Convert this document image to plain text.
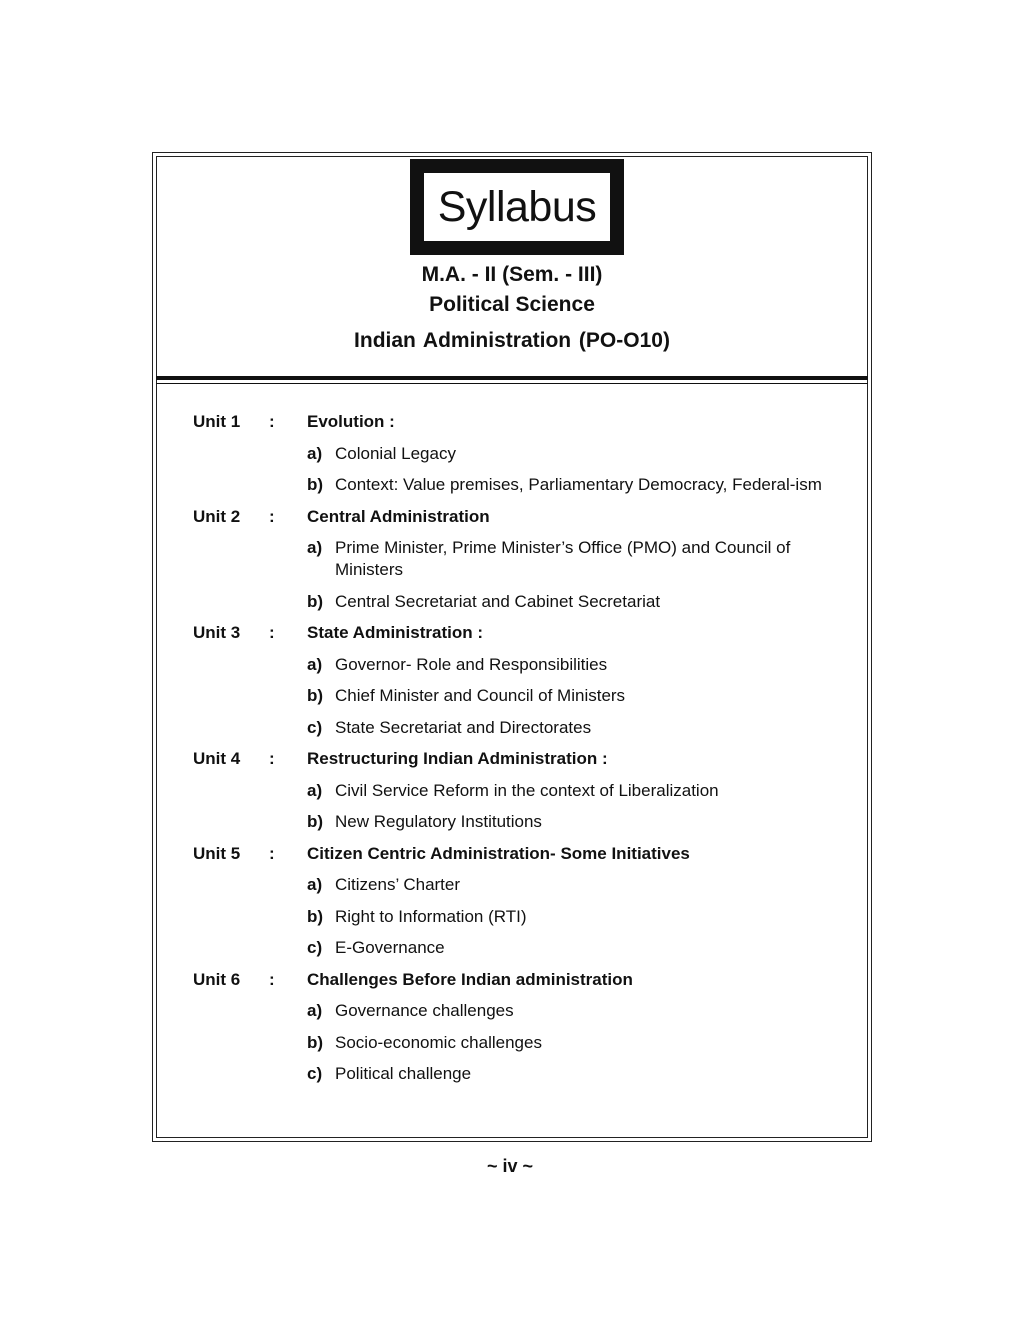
Syllabus
M.A. - II (Sem. - III)
Political Science
Indian Administration (PO-O10)
Unit 1 : Evolution :
a) Colonial Legacy
b) Context: Value premises, Parliamentary Democracy, Federal-ism
Unit 2 : Central Administration
a) Prime Minister, Prime Minister’s Office (PMO) and Council of Ministers
b) Central Secretariat and Cabinet Secretariat
Unit 3 : State Administration :
a) Governor- Role and Responsibilities
b) Chief Minister and Council of Ministers
c) State Secretariat and Directorates
Unit 4 : Restructuring Indian Administration :
a) Civil Service Reform in the context of Liberalization
b) New Regulatory Institutions
Unit 5 : Citizen Centric Administration- Some Initiatives
a) Citizens’ Charter
b) Right to Information (RTI)
c) E-Governance
Unit 6 : Challenges Before Indian administration
a) Governance challenges
b) Socio-economic challenges
c) Political challenge
~ iv ~
